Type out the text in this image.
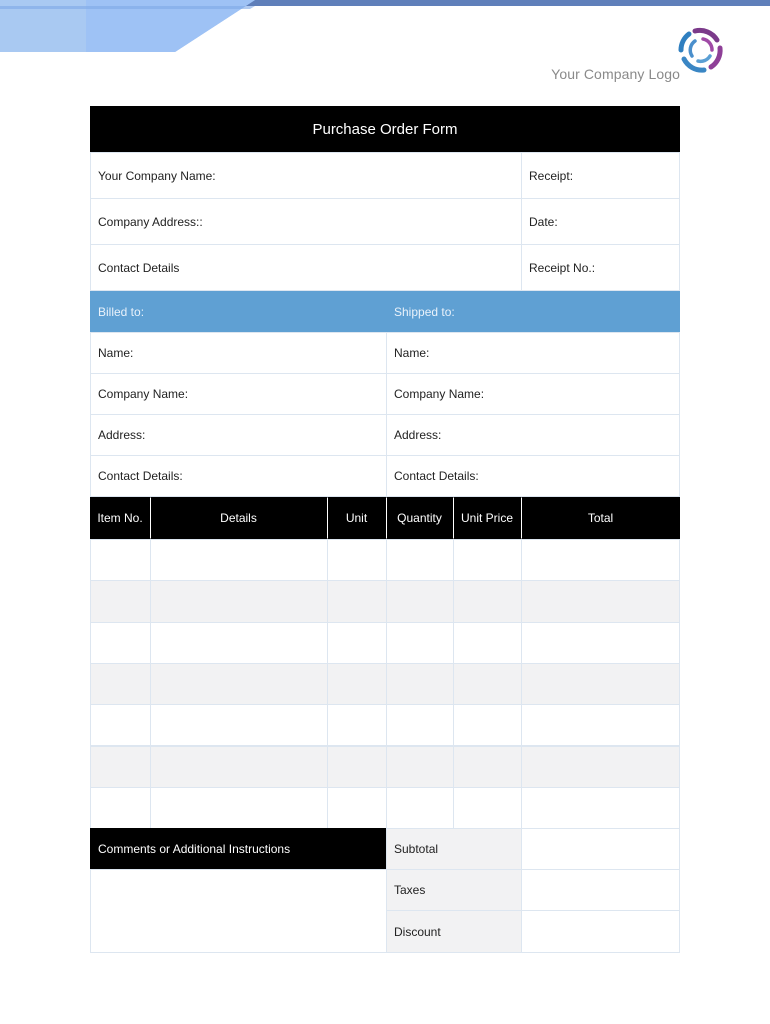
Your Company Logo
Purchase Order Form
Your Company Name:	Receipt:
Company Address::	Date:
Contact Details	Receipt No.:
Billed to:	Shipped to:
Name:	Name:
Company Name:	Company Name:
Address:	Address:
Contact Details:	Contact Details:
Item No.	Details	Unit	Quantity	Unit Price	Total
Comments or Additional Instructions	Subtotal
Taxes
Discount
